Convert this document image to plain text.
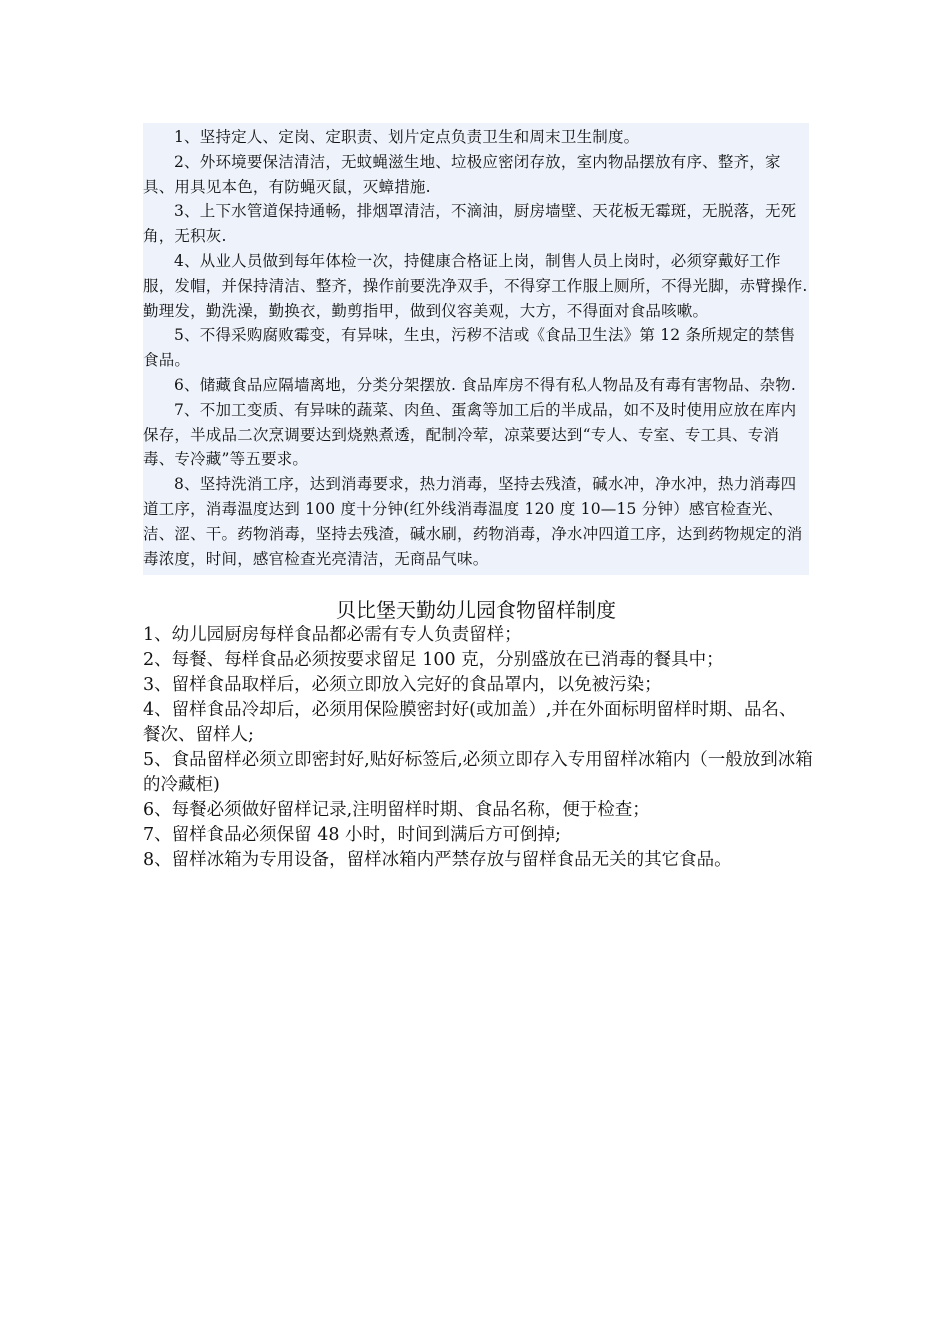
1、坚持定人、定岗、定职责、划片定点负责卫生和周末卫生制度。

2、外环境要保洁清洁，无蚊蝇滋生地、垃极应密闭存放，室内物品摆放有序、整齐，家具、用具见本色，有防蝇灭鼠，灭蟑措施.

3、上下水管道保持通畅，排烟罩清洁，不滴油，厨房墙壁、天花板无霉斑，无脱落，无死角，无积灰.

4、从业人员做到每年体检一次，持健康合格证上岗，制售人员上岗时，必须穿戴好工作服，发帽，并保持清洁、整齐，操作前要洗净双手，不得穿工作服上厕所，不得光脚，赤臂操作. 勤理发，勤洗澡，勤换衣，勤剪指甲，做到仪容美观，大方，不得面对食品咳嗽。

5、不得采购腐败霉变，有异味，生虫，污秽不洁或《食品卫生法》第 12 条所规定的禁售食品。

6、储藏食品应隔墙离地，分类分架摆放. 食品库房不得有私人物品及有毒有害物品、杂物.

7、不加工变质、有异味的蔬菜、肉鱼、蛋禽等加工后的半成品，如不及时使用应放在库内保存，半成品二次烹调要达到烧熟煮透，配制冷荤，凉菜要达到“专人、专室、专工具、专消毒、专冷藏”等五要求。

8、坚持洗消工序，达到消毒要求，热力消毒，坚持去残渣，碱水冲，净水冲，热力消毒四道工序，消毒温度达到 100 度十分钟(红外线消毒温度 120 度 10—15 分钟）感官检查光、洁、涩、干。药物消毒，坚持去残渣，碱水刷，药物消毒，净水冲四道工序，达到药物规定的消毒浓度，时间，感官检查光亮清洁，无商品气味。

贝比堡天勤幼儿园食物留样制度

1、幼儿园厨房每样食品都必需有专人负责留样；

2、每餐、每样食品必须按要求留足 100 克，分别盛放在已消毒的餐具中；

3、留样食品取样后，必须立即放入完好的食品罩内，以免被污染；

4、留样食品冷却后，必须用保险膜密封好(或加盖）,并在外面标明留样时期、品名、餐次、留样人;

5、食品留样必须立即密封好,贴好标签后,必须立即存入专用留样冰箱内（一般放到冰箱的冷藏柜)

6、每餐必须做好留样记录,注明留样时期、食品名称，便于检查；

7、留样食品必须保留 48 小时，时间到满后方可倒掉;

8、留样冰箱为专用设备，留样冰箱内严禁存放与留样食品无关的其它食品。
